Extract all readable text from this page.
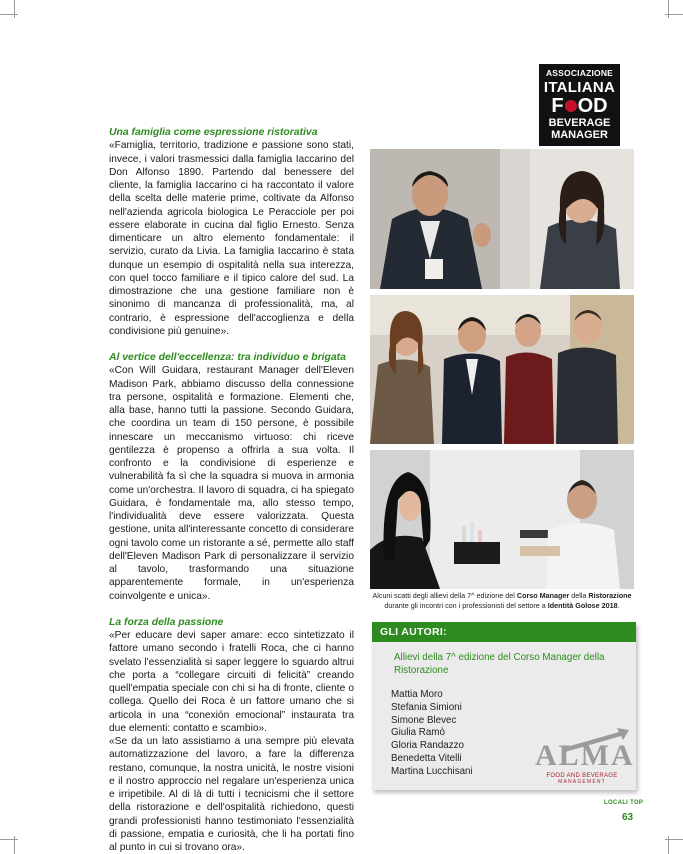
ASSOCIAZIONE
ITALIANA
F OD
BEVERAGE
MANAGER

Una famiglia come espressione ristorativa

«Famiglia, territorio, tradizione e passione sono stati, invece, i valori trasmessici dalla famiglia Iaccarino del Don Alfonso 1890. Partendo dal benessere del cliente, la famiglia Iaccarino ci ha raccontato il valore della scelta delle materie prime, coltivate da Alfonso nell'azienda agricola biologica Le Peracciole per poi essere elaborate in cucina dal figlio Ernesto. Senza dimenticare un altro elemento fondamentale: il servizio, curato da Livia. La famiglia Iaccarino è stata dunque un esempio di ospitalità nella sua interezza, con quel tocco familiare e il tipico calore del sud. La dimostrazione che una gestione familiare non è sinonimo di mancanza di professionalità, ma, al contrario, è espressione dell'accoglienza e della condivisione più genuine».

Al vertice dell'eccellenza: tra individuo e brigata

«Con Will Guidara, restaurant Manager dell'Eleven Madison Park, abbiamo discusso della connessione tra persone, ospitalità e formazione. Elementi che, alla base, hanno tutti la passione. Secondo Guidara, che coordina un team di 150 persone, è possibile innescare un meccanismo virtuoso: chi riceve gentilezza è propenso a offrirla a sua volta. Il confronto e la condivisione di esperienze e vulnerabilità fa sì che la squadra si muova in armonia come un'orchestra. Il lavoro di squadra, ci ha spiegato Guidara, è fondamentale ma, allo stesso tempo, l'individualità deve essere valorizzata. Questa gestione, unita all'interessante concetto di considerare ogni tavolo come un ristorante a sé, permette allo staff dell'Eleven Madison Park di personalizzare il servizio al tavolo, trasformando una situazione apparentemente formale, in un'esperienza coinvolgente e unica».

La forza della passione

«Per educare devi saper amare: ecco sintetizzato il fattore umano secondo i fratelli Roca, che ci hanno svelato l'essenzialità si saper leggere lo sguardo altrui che porta a “collegare circuiti di felicità” creando quell'empatia speciale con chi si ha di fronte, cliente o collega. Quello dei Roca è un fattore umano che si articola in una “conexión emocional” instaurata tra due elementi: contatto e scambio».

«Se da un lato assistiamo a una sempre più elevata automatizzazione del lavoro, a fare la differenza restano, comunque, la nostra unicità, le nostre visioni e il nostro approccio nel regalare un'esperienza unica e irripetibile. Al di là di tutti i tecnicismi che il settore della ristorazione e dell'ospitalità richiedono, questi grandi professionisti hanno testimoniato l'essenzialità di passione, empatia e curiosità, che li ha portati fino al punto in cui si trovano ora».

Alcuni scatti degli allievi della 7^ edizione del Corso Manager della Ristorazione durante gli incontri con i professionisti del settore a Identità Golose 2018.
GLI AUTORI:
Allievi della 7^ edizione del Corso Manager della Ristorazione
Mattia Moro
Stefania Simioni
Simone Blevec
Giulia Ramò
Gloria Randazzo
Benedetta Vitelli
Martina Lucchisani	ALMA
FOOD AND BEVERAGE
MANAGEMENT
LOCALI TOP
63
